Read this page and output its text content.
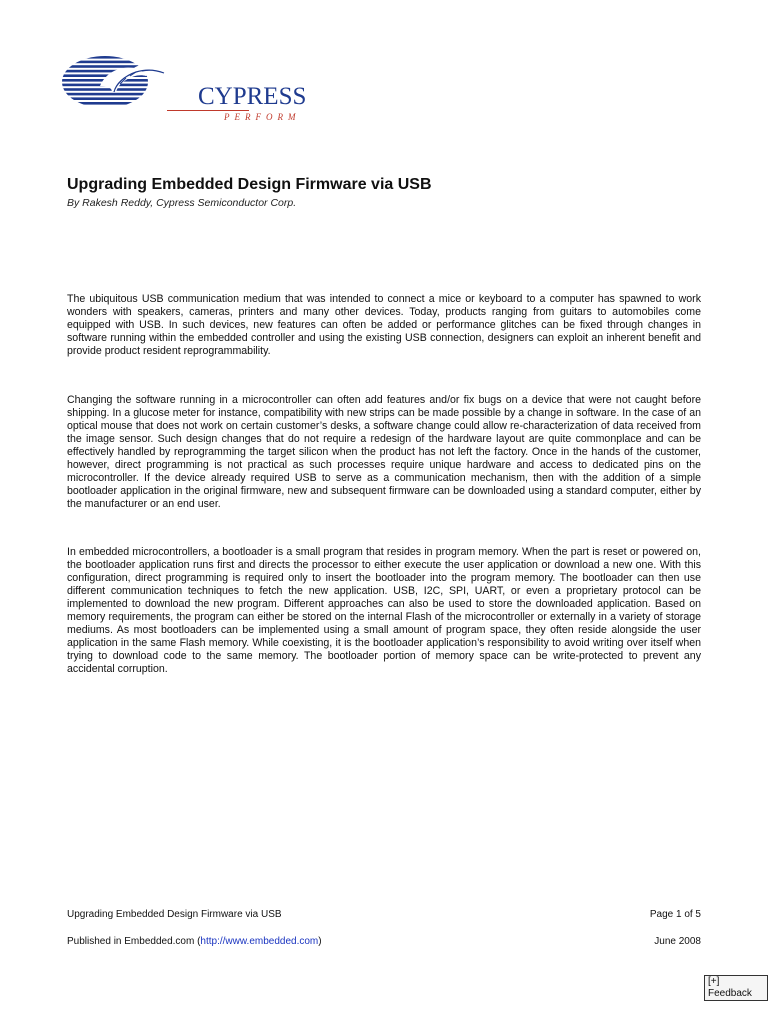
CYPRESS
PERFORM
Upgrading Embedded Design Firmware via USB

By Rakesh Reddy, Cypress Semiconductor Corp.

The ubiquitous USB communication medium that was intended to connect a mice or keyboard to a computer has spawned to work wonders with speakers, cameras, printers and many other devices. Today, products ranging from guitars to automobiles come equipped with USB. In such devices, new features can often be added or performance glitches can be fixed through changes in software running within the embedded controller and using the existing USB connection, designers can exploit an inherent benefit and provide product resident reprogrammability.

Changing the software running in a microcontroller can often add features and/or fix bugs on a device that were not caught before shipping. In a glucose meter for instance, compatibility with new strips can be made possible by a change in software. In the case of an optical mouse that does not work on certain customer’s desks, a software change could allow re-characterization of data received from the image sensor. Such design changes that do not require a redesign of the hardware layout are quite commonplace and can be effectively handled by reprogramming the target silicon when the product has not left the factory. Once in the hands of the customer, however, direct programming is not practical as such processes require unique hardware and access to dedicated pins on the microcontroller. If the device already required USB to serve as a communication mechanism, then with the addition of a simple bootloader application in the original firmware, new and subsequent firmware can be downloaded using a standard computer, either by the manufacturer or an end user.

In embedded microcontrollers, a bootloader is a small program that resides in program memory. When the part is reset or powered on, the bootloader application runs first and directs the processor to either execute the user application or download a new one. With this configuration, direct programming is required only to insert the bootloader into the program memory. The bootloader can then use different communication techniques to fetch the new application. USB, I2C, SPI, UART, or even a proprietary protocol can be implemented to download the new program. Different approaches can also be used to store the downloaded application. Based on memory requirements, the program can either be stored on the internal Flash of the microcontroller or externally in a variety of storage mediums. As most bootloaders can be implemented using a small amount of program space, they often reside alongside the user application in the same Flash memory. While coexisting, it is the bootloader application’s responsibility to avoid writing over itself when trying to download code to the same memory. The bootloader portion of memory space can be write-protected to prevent any accidental corruption.

Upgrading Embedded Design Firmware via USB	Page 1 of 5
Published in Embedded.com (http://www.embedded.com)	June 2008
[+] Feedback
